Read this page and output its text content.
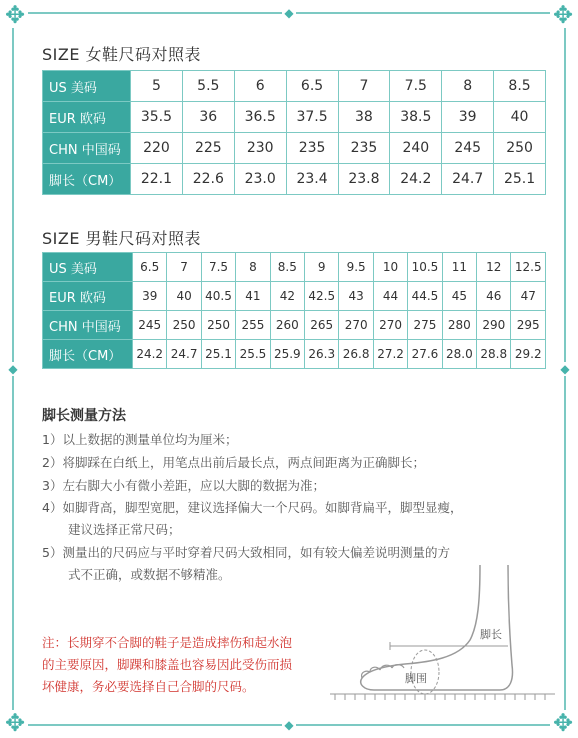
✥	✥
✥	✥
◆
◆
◆	◆
SIZE 女鞋尺码对照表
US 美码	5	5.5	6	6.5	7	7.5	8	8.5
EUR 欧码	35.5	36	36.5	37.5	38	38.5	39	40
CHN 中国码	220	225	230	235	235	240	245	250
脚长（CM）	22.1	22.6	23.0	23.4	23.8	24.2	24.7	25.1
SIZE 男鞋尺码对照表
US 美码	6.5	7	7.5	8	8.5	9	9.5	10	10.5	11	12	12.5
EUR 欧码	39	40	40.5	41	42	42.5	43	44	44.5	45	46	47
CHN 中国码	245	250	250	255	260	265	270	270	275	280	290	295
脚长（CM）	24.2	24.7	25.1	25.5	25.9	26.3	26.8	27.2	27.6	28.0	28.8	29.2
脚长测量方法
1）以上数据的测量单位均为厘米；
2）将脚踩在白纸上，用笔点出前后最长点，两点间距离为正确脚长；
3）左右脚大小有微小差距，应以大脚的数据为准；
4）如脚背高，脚型宽肥，建议选择偏大一个尺码。如脚背扁平，脚型显瘦，
建议选择正常尺码；
5）测量出的尺码应与平时穿着尺码大致相同，如有较大偏差说明测量的方
式不正确，或数据不够精准。
注：长期穿不合脚的鞋子是造成摔伤和起水泡
的主要原因，脚踝和膝盖也容易因此受伤而损
坏健康，务必要选择自己合脚的尺码。
脚长
脚围
